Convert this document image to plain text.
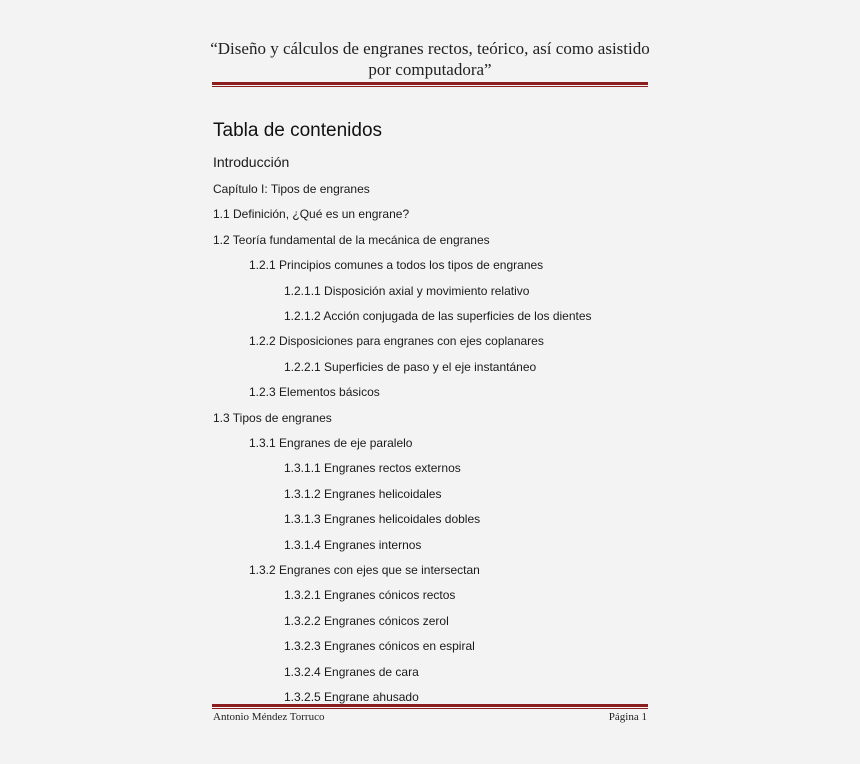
“Diseño y cálculos de engranes rectos, teórico, así como asistido
por computadora”
Tabla de contenidos
Introducción
Capítulo I: Tipos de engranes
1.1 Definición, ¿Qué es un engrane?
1.2 Teoría fundamental de la mecánica de engranes
1.2.1 Principios comunes a todos los tipos de engranes
1.2.1.1 Disposición axial y movimiento relativo
1.2.1.2 Acción conjugada de las superficies de los dientes
1.2.2 Disposiciones para engranes con ejes coplanares
1.2.2.1 Superficies de paso y el eje instantáneo
1.2.3 Elementos básicos
1.3 Tipos de engranes
1.3.1 Engranes de eje paralelo
1.3.1.1 Engranes rectos externos
1.3.1.2 Engranes helicoidales
1.3.1.3 Engranes helicoidales dobles
1.3.1.4 Engranes internos
1.3.2 Engranes con ejes que se intersectan
1.3.2.1 Engranes cónicos rectos
1.3.2.2 Engranes cónicos zerol
1.3.2.3 Engranes cónicos en espiral
1.3.2.4 Engranes de cara
1.3.2.5 Engrane ahusado
Antonio Méndez Torruco	Página 1
